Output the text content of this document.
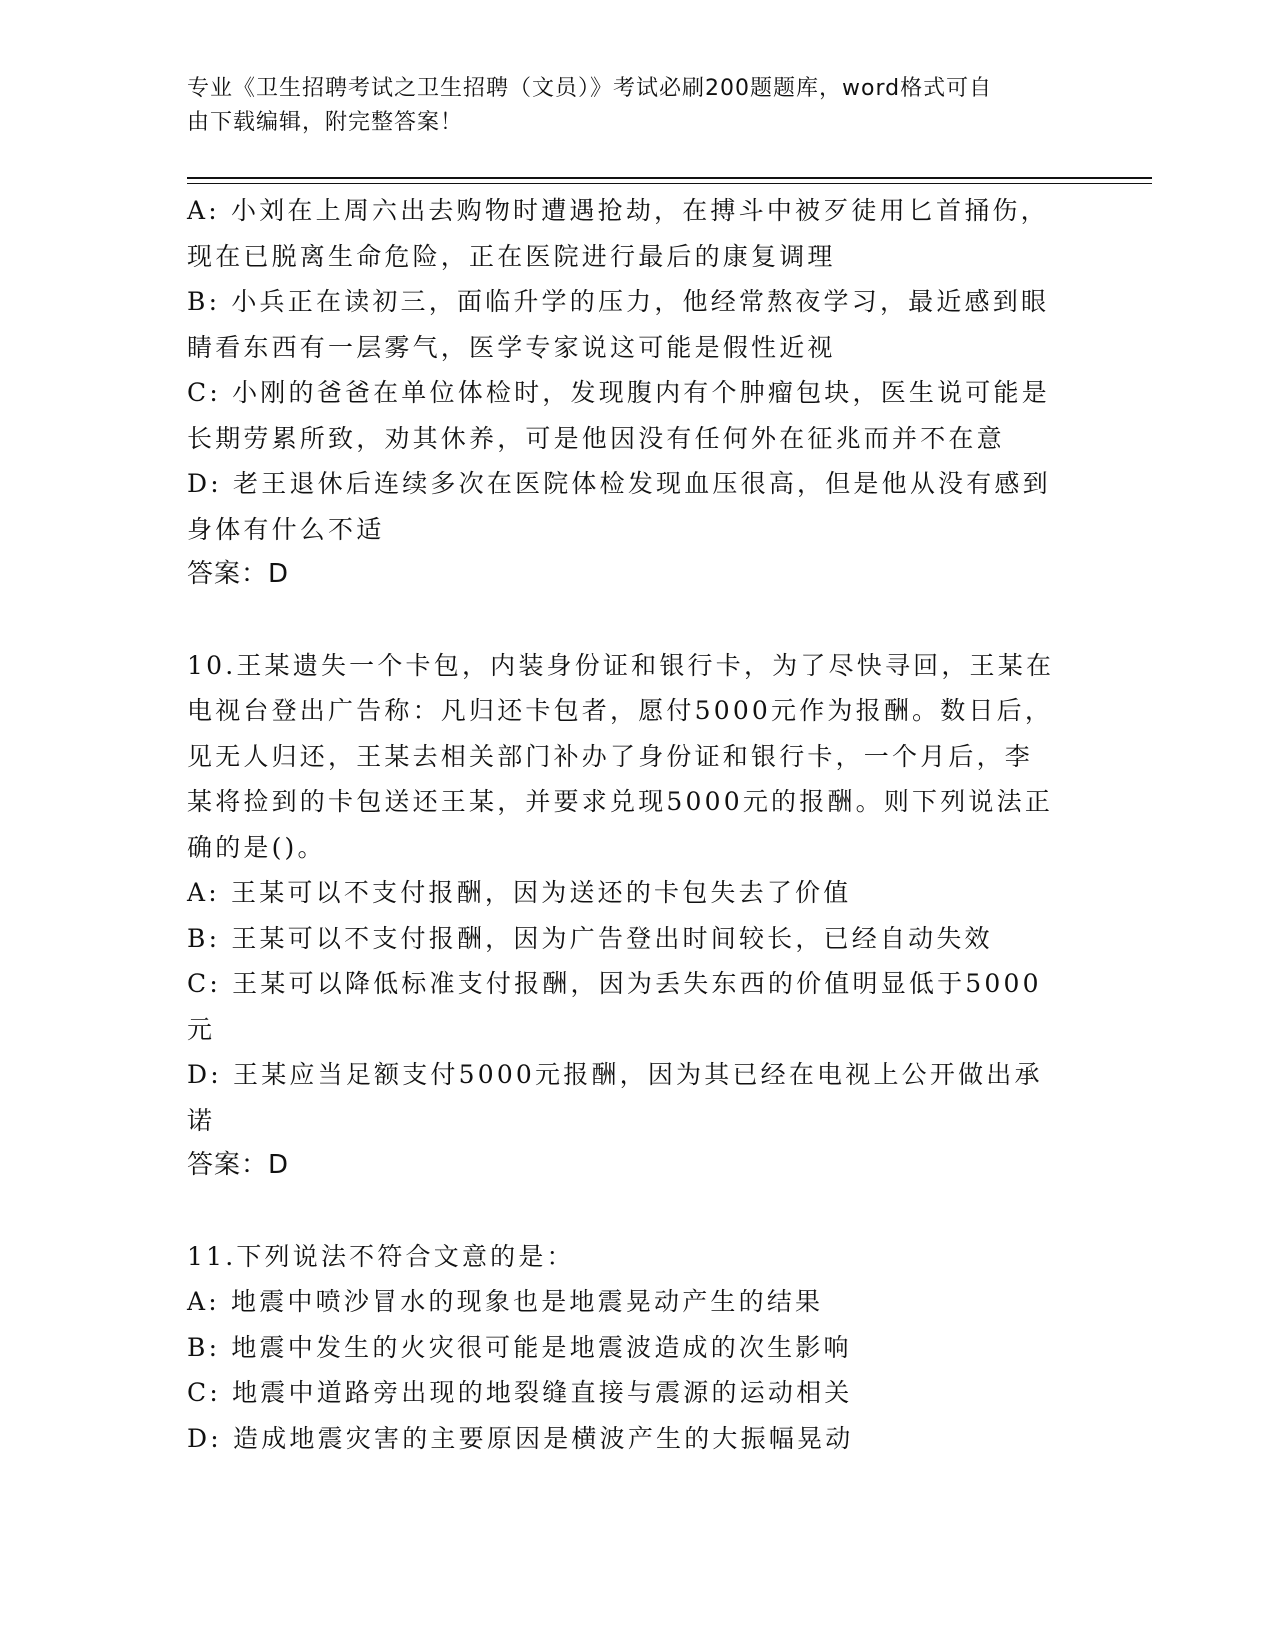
专业《卫生招聘考试之卫生招聘（文员）》考试必刷200题题库，word格式可自
由下载编辑，附完整答案！

A: 小刘在上周六出去购物时遭遇抢劫，在搏斗中被歹徒用匕首捅伤，

现在已脱离生命危险，正在医院进行最后的康复调理

B: 小兵正在读初三，面临升学的压力，他经常熬夜学习，最近感到眼

睛看东西有一层雾气，医学专家说这可能是假性近视

C: 小刚的爸爸在单位体检时，发现腹内有个肿瘤包块，医生说可能是

长期劳累所致，劝其休养，可是他因没有任何外在征兆而并不在意

D: 老王退休后连续多次在医院体检发现血压很高，但是他从没有感到

身体有什么不适

答案：D

10.王某遗失一个卡包，内装身份证和银行卡，为了尽快寻回，王某在

电视台登出广告称：凡归还卡包者，愿付5000元作为报酬。数日后，

见无人归还，王某去相关部门补办了身份证和银行卡，一个月后，李

某将捡到的卡包送还王某，并要求兑现5000元的报酬。则下列说法正

确的是()。

A: 王某可以不支付报酬，因为送还的卡包失去了价值

B: 王某可以不支付报酬，因为广告登出时间较长，已经自动失效

C: 王某可以降低标准支付报酬，因为丢失东西的价值明显低于5000

元

D: 王某应当足额支付5000元报酬，因为其已经在电视上公开做出承

诺

答案：D

11.下列说法不符合文意的是：

A: 地震中喷沙冒水的现象也是地震晃动产生的结果

B: 地震中发生的火灾很可能是地震波造成的次生影响

C: 地震中道路旁出现的地裂缝直接与震源的运动相关

D: 造成地震灾害的主要原因是横波产生的大振幅晃动
